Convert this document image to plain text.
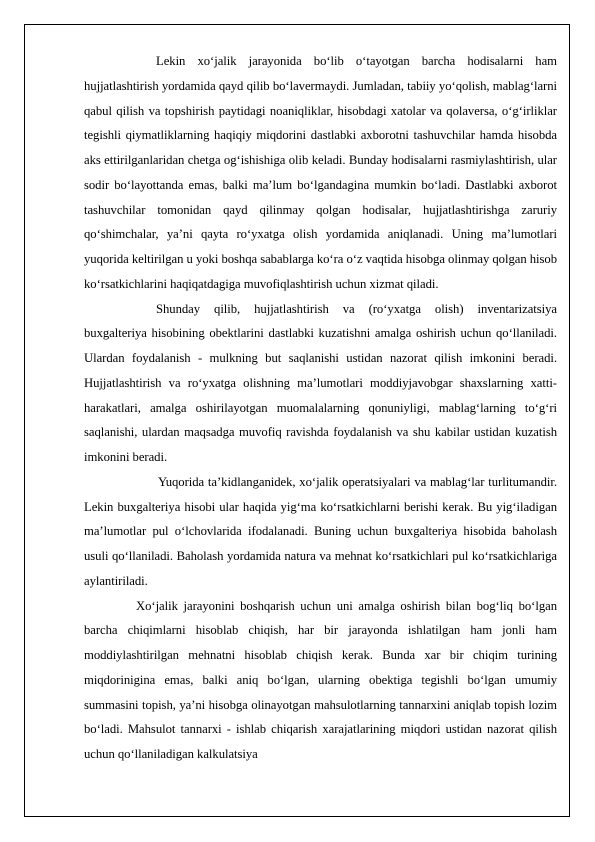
Lekin xo‘jalik jarayonida bo‘lib o‘tayotgan barcha hodisalarni ham hujjatlashtirish yordamida qayd qilib bo‘lavermaydi. Jumladan, tabiiy yo‘qolish, mablag‘larni qabul qilish va topshirish paytidagi noaniqliklar, hisobdagi xatolar va qolaversa, o‘g‘irliklar tegishli qiymatliklarning haqiqiy miqdorini dastlabki axborotni tashuvchilar hamda hisobda aks ettirilganlaridan chetga og‘ishishiga olib keladi. Bunday hodisalarni rasmiylashtirish, ular sodir bo‘layottanda emas, balki ma’lum bo‘lgandagina mumkin bo‘ladi. Dastlabki axborot tashuvchilar tomonidan qayd qilinmay qolgan hodisalar, hujjatlashtirishga zaruriy qo‘shimchalar, ya’ni qayta ro‘yxatga olish yordamida aniqlanadi. Uning ma’lumotlari yuqorida keltirilgan u yoki boshqa sabablarga ko‘ra o‘z vaqtida hisobga olinmay qolgan hisob ko‘rsatkichlarini haqiqatdagiga muvofiqlashtirish uchun xizmat qiladi.

Shunday qilib, hujjatlashtirish va (ro‘yxatga olish) inventarizatsiya buxgalteriya hisobining obektlarini dastlabki kuzatishni amalga oshirish uchun qo‘llaniladi. Ulardan foydalanish - mulkning but saqlanishi ustidan nazorat qilish imkonini beradi. Hujjatlashtirish va ro‘yxatga olishning ma’lumotlari moddiyjavobgar shaxslarning xatti-harakatlari, amalga oshirilayotgan muomalalarning qonuniyligi, mablag‘larning to‘g‘ri saqlanishi, ulardan maqsadga muvofiq ravishda foydalanish va shu kabilar ustidan kuzatish imkonini beradi.

Yuqorida ta’kidlanganidek, xo‘jalik operatsiyalari va mablag‘lar turlitumandir. Lekin buxgalteriya hisobi ular haqida yig‘ma ko‘rsatkichlarni berishi kerak. Bu yig‘iladigan ma’lumotlar pul o‘lchovlarida ifodalanadi. Buning uchun buxgalteriya hisobida baholash usuli qo‘llaniladi. Baholash yordamida natura va mehnat ko‘rsatkichlari pul ko‘rsatkichlariga aylantiriladi.

Xo‘jalik jarayonini boshqarish uchun uni amalga oshirish bilan bog‘liq bo‘lgan barcha chiqimlarni hisoblab chiqish, har bir jarayonda ishlatilgan ham jonli ham moddiylashtirilgan mehnatni hisoblab chiqish kerak. Bunda xar bir chiqim turining miqdorinigina emas, balki aniq bo‘lgan, ularning obektiga tegishli bo‘lgan umumiy summasini topish, ya’ni hisobga olinayotgan mahsulotlarning tannarxini aniqlab topish lozim bo‘ladi. Mahsulot tannarxi - ishlab chiqarish xarajatlarining miqdori ustidan nazorat qilish uchun qo‘llaniladigan kalkulatsiya
